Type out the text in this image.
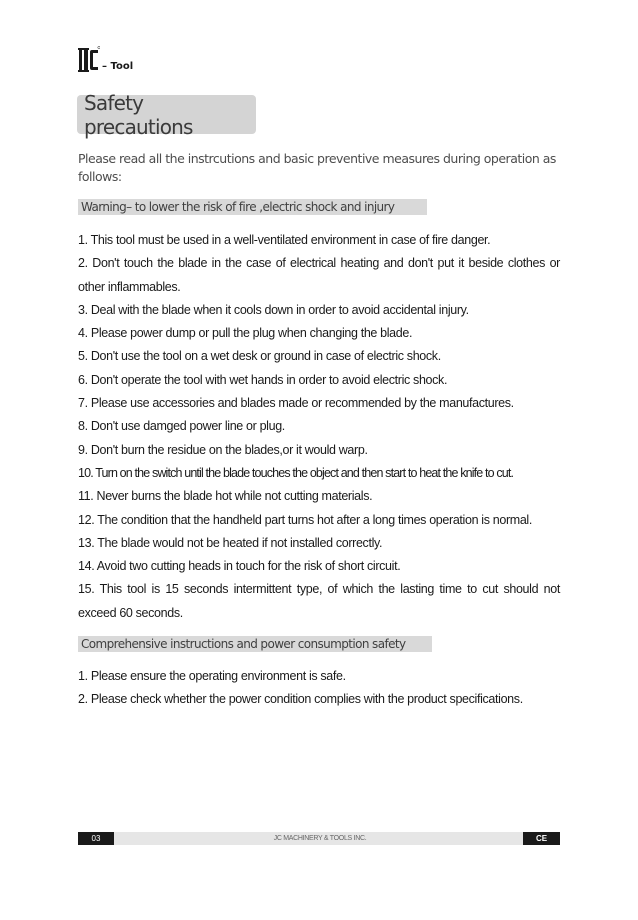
– Tool
Safety precautions
Please read all the instrcutions and basic preventive measures during operation as follows:
Warning– to lower the risk of fire ,electric shock and injury
1. This tool must be used in a well-ventilated environment in case of fire danger.
2. Don't touch the blade in the case of electrical heating and don't put it beside clothes or other inflammables.
3. Deal with the blade when it cools down in order to avoid accidental injury.
4. Please power dump or pull the plug when changing the blade.
5. Don't use the tool on a wet desk or ground in case of electric shock.
6. Don't operate the tool with wet hands in order to avoid electric shock.
7. Please use accessories and blades made or recommended by the manufactures.
8. Don't use damged power line or plug.
9. Don't burn the residue on the blades,or it would warp.
10. Turn on the switch until the blade touches the object and then start to heat the knife to cut.
11. Never burns the blade hot while not cutting materials.
12. The condition that the handheld part turns hot after a long times operation is normal.
13. The blade would not be heated if not installed correctly.
14. Avoid two cutting heads in touch for the risk of short circuit.
15. This tool is 15 seconds intermittent type, of which the lasting time to cut should not exceed 60 seconds.
Comprehensive instructions and power consumption safety
1. Please ensure the operating environment is safe.
2. Please check whether the power condition complies with the product specifications.
03	JC MACHINERY & TOOLS INC.	CE
